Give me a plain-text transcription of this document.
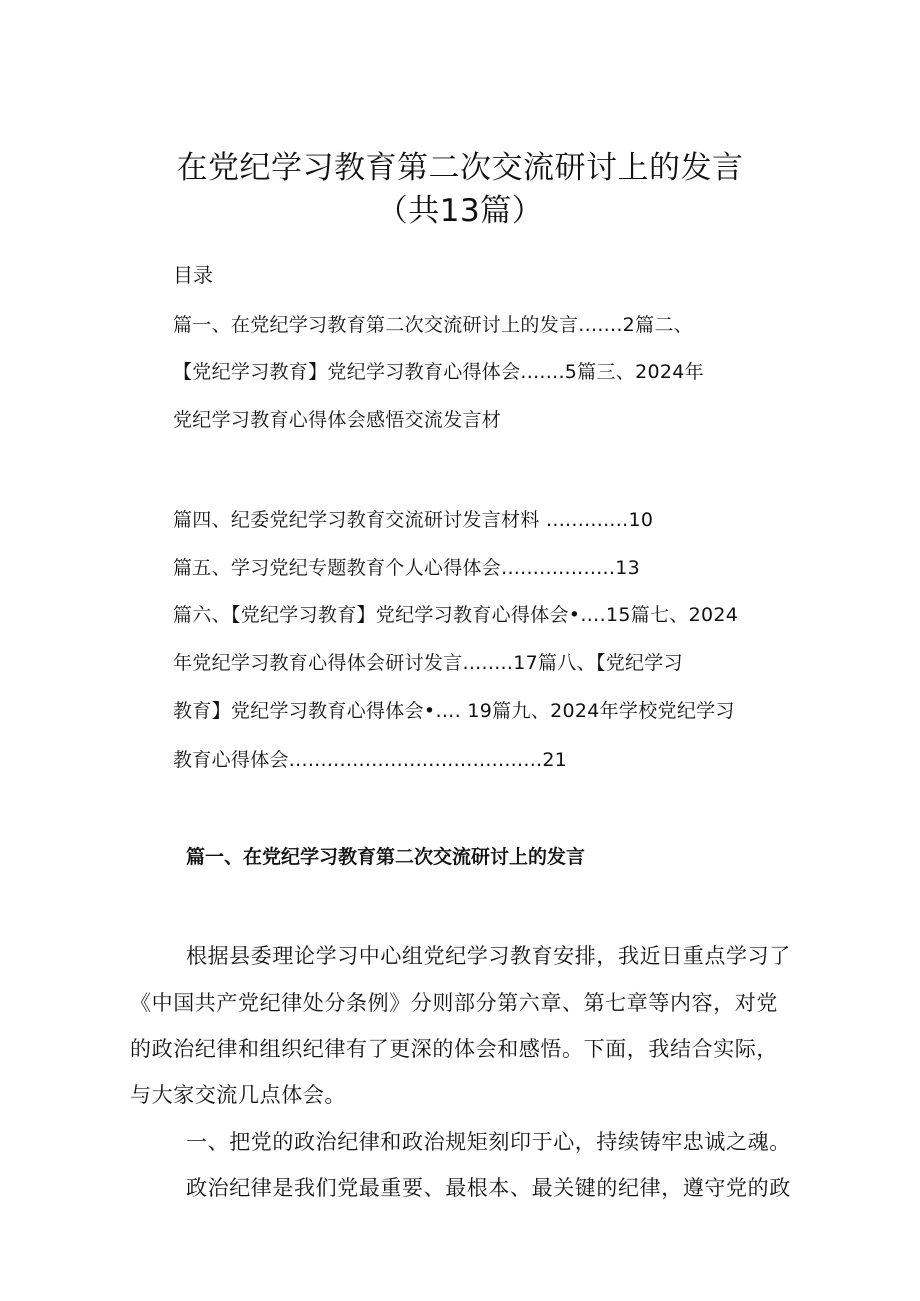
在党纪学习教育第二次交流研讨上的发言
（共13篇）
目录
篇一、在党纪学习教育第二次交流研讨上的发言.......2篇二、
【党纪学习教育】党纪学习教育心得体会.......5篇三、2024年
党纪学习教育心得体会感悟交流发言材
篇四、纪委党纪学习教育交流研讨发言材料 .............10
篇五、学习党纪专题教育个人心得体会..................13
篇六、【党纪学习教育】党纪学习教育心得体会•….15篇七、2024
年党纪学习教育心得体会研讨发言........17篇八、【党纪学习
教育】党纪学习教育心得体会•…. 19篇九、2024年学校党纪学习
教育心得体会........................................21
篇一、在党纪学习教育第二次交流研讨上的发言
根据县委理论学习中心组党纪学习教育安排，我近日重点学习了
《中国共产党纪律处分条例》分则部分第六章、第七章等内容，对党
的政治纪律和组织纪律有了更深的体会和感悟。下面，我结合实际，
与大家交流几点体会。
一、把党的政治纪律和政治规矩刻印于心，持续铸牢忠诚之魂。
政治纪律是我们党最重要、最根本、最关键的纪律，遵守党的政
